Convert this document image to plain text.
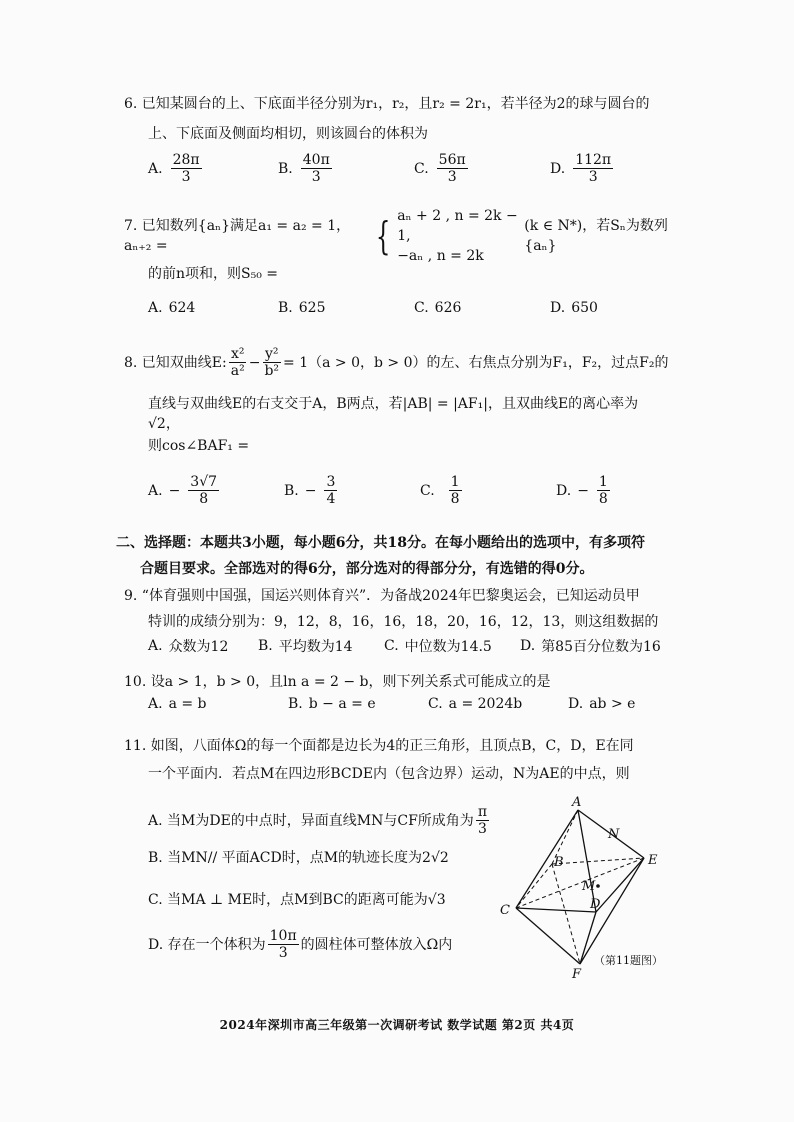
6. 已知某圆台的上、下底面半径分别为r₁，r₂，且r₂ = 2r₁，若半径为2的球与圆台的
上、下底面及侧面均相切，则该圆台的体积为
A. $\frac{28\pi}{3}$	B. $\frac{40\pi}{3}$	C. $\frac{56\pi}{3}$	D. $\frac{112\pi}{3}$
7. 已知数列{aₙ}满足a₁ = a₂ = 1，aₙ₊₂ =	{ aₙ + 2 , n = 2k − 1,
−aₙ , n = 2k
(k ∈ N*)，若Sₙ为数列{aₙ}
的前n项和，则S₅₀ =
A. 624	B. 625	C. 626	D. 650
8. 已知双曲线E: $\frac{\text{x²}}{\text{a²}} - \frac{\text{y²}}{\text{b²}} = 1(a > 0$，b > 0）的左、右焦点分别为F₁，F₂，过点F₂的
直线与双曲线E的右支交于A，B两点，若|AB| = |AF₁|，且双曲线E的离心率为√2，
则cos∠BAF₁ =
A. − $\frac{3√7}{8}$	B. − $\frac{3}{4}$	C. $\frac{1}{8}$	D. − $\frac{1}{8}$
二、选择题：本题共3小题，每小题6分，共18分。在每小题给出的选项中，有多项符
合题目要求。全部选对的得6分，部分选对的得部分分，有选错的得0分。
9. “体育强则中国强，国运兴则体育兴”．为备战2024年巴黎奥运会，已知运动员甲
特训的成绩分别为：9，12，8，16，16，18，20，16，12，13，则这组数据的
A. 众数为12 B. 平均数为14 C. 中位数为14.5 D. 第85百分位数为16
10. 设a > 1，b > 0，且ln a = 2 − b，则下列关系式可能成立的是
A. a = b	B. b − a = e	C. a = 2024b	D. ab > e
11. 如图，八面体Ω的每一个面都是边长为4的正三角形，且顶点B，C，D，E在同
一个平面内．若点M在四边形BCDE内（包含边界）运动，N为AE的中点，则
A. 当M为DE的中点时，异面直线MN与CF所成角为 $\frac{\pi}{3}$
B. 当MN// 平面ACD时，点M的轨迹长度为2√2
C. 当MA ⊥ ME时，点M到BC的距离可能为√3
D. 存在一个体积为 $\frac{10\pi}{3}$ 的圆柱体可整体放入Ω内
A
N
B	E
M
C	D
F
（第11题图）
2024年深圳市高三年级第一次调研考试 数学试题 第2页 共4页
